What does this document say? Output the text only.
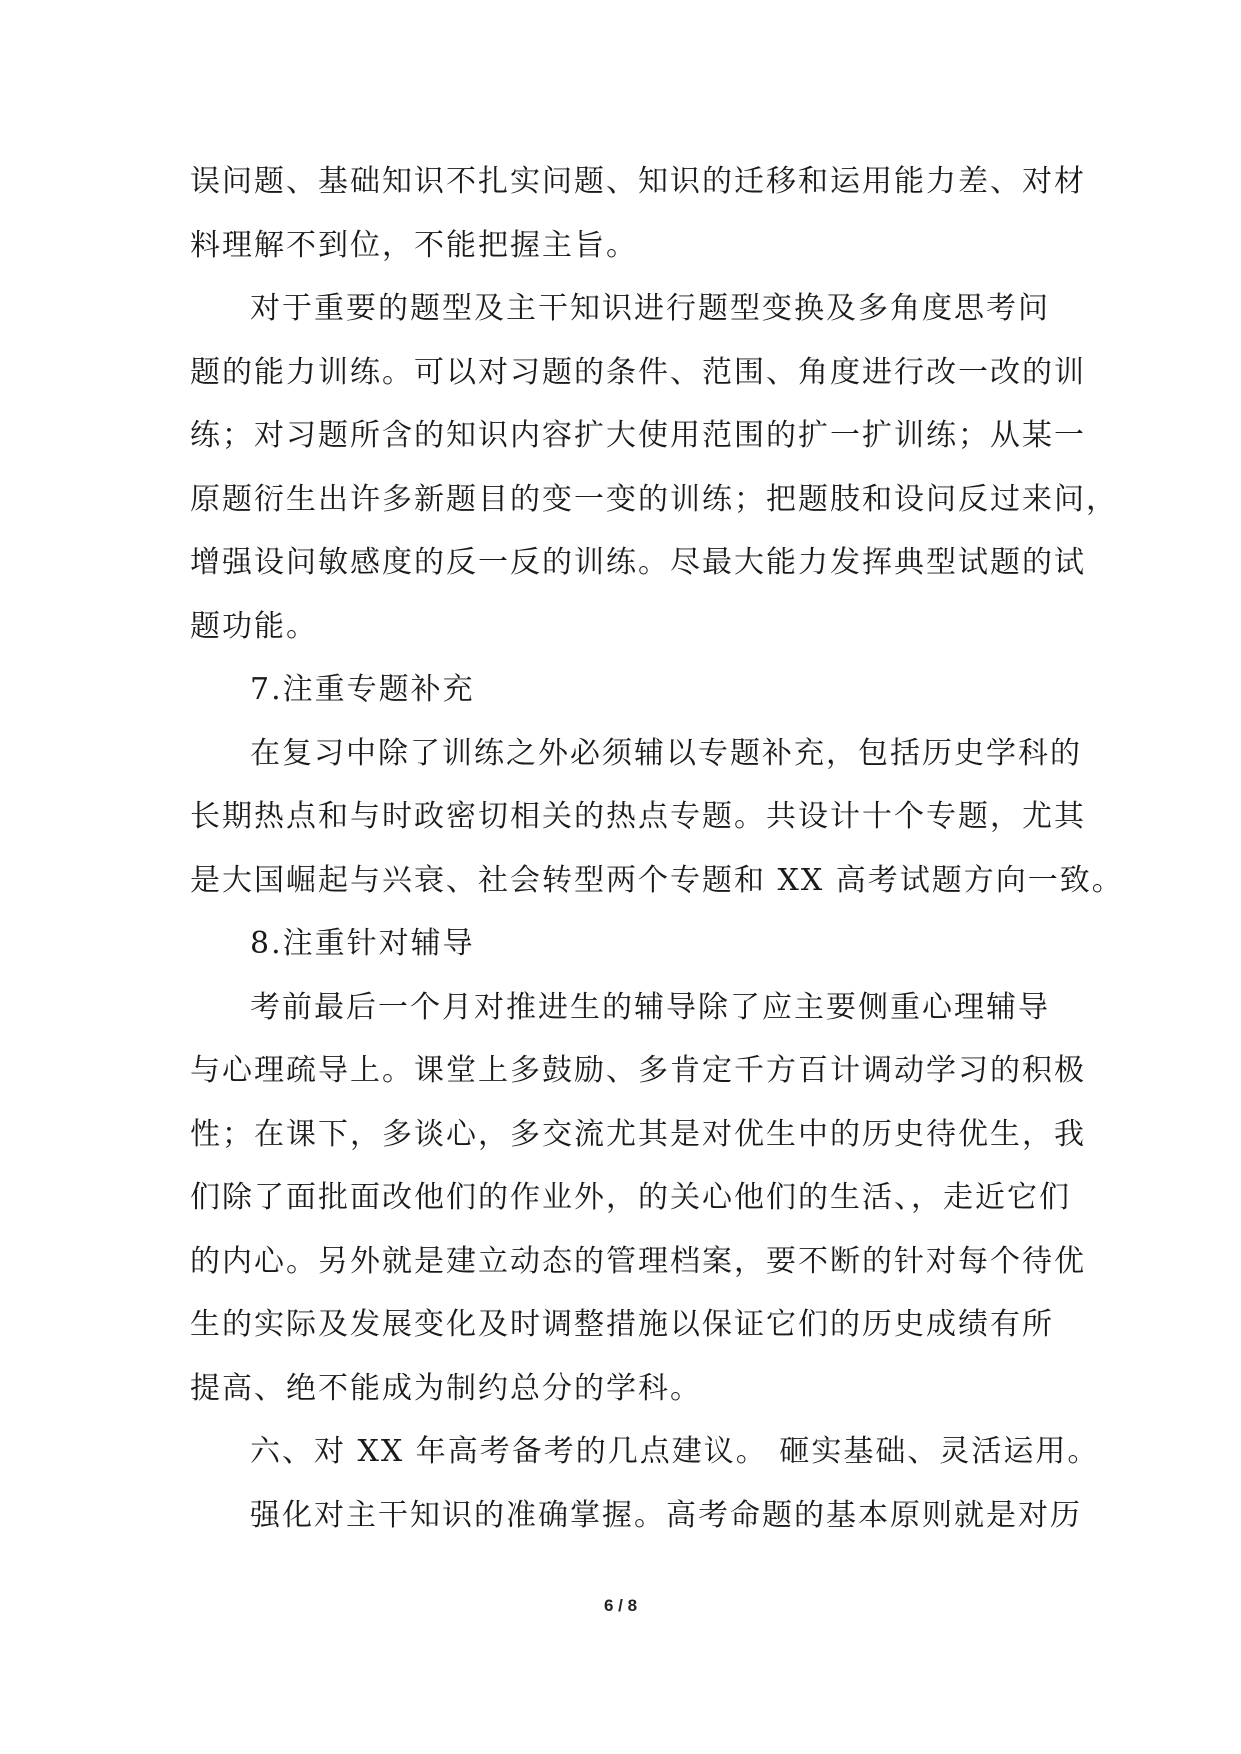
误问题、基础知识不扎实问题、知识的迁移和运用能力差、对材
料理解不到位，不能把握主旨。
对于重要的题型及主干知识进行题型变换及多角度思考问
题的能力训练。可以对习题的条件、范围、角度进行改一改的训
练；对习题所含的知识内容扩大使用范围的扩一扩训练；从某一
原题衍生出许多新题目的变一变的训练；把题肢和设问反过来问，
增强设问敏感度的反一反的训练。尽最大能力发挥典型试题的试
题功能。
7.注重专题补充
在复习中除了训练之外必须辅以专题补充，包括历史学科的
长期热点和与时政密切相关的热点专题。共设计十个专题，尤其
是大国崛起与兴衰、社会转型两个专题和 XX 高考试题方向一致。
8.注重针对辅导
考前最后一个月对推进生的辅导除了应主要侧重心理辅导
与心理疏导上。课堂上多鼓励、多肯定千方百计调动学习的积极
性；在课下，多谈心，多交流尤其是对优生中的历史待优生，我
们除了面批面改他们的作业外，的关心他们的生活、，走近它们
的内心。另外就是建立动态的管理档案，要不断的针对每个待优
生的实际及发展变化及时调整措施以保证它们的历史成绩有所
提高、绝不能成为制约总分的学科。
六、对 XX 年高考备考的几点建议。 砸实基础、灵活运用。
强化对主干知识的准确掌握。高考命题的基本原则就是对历
6 / 8
